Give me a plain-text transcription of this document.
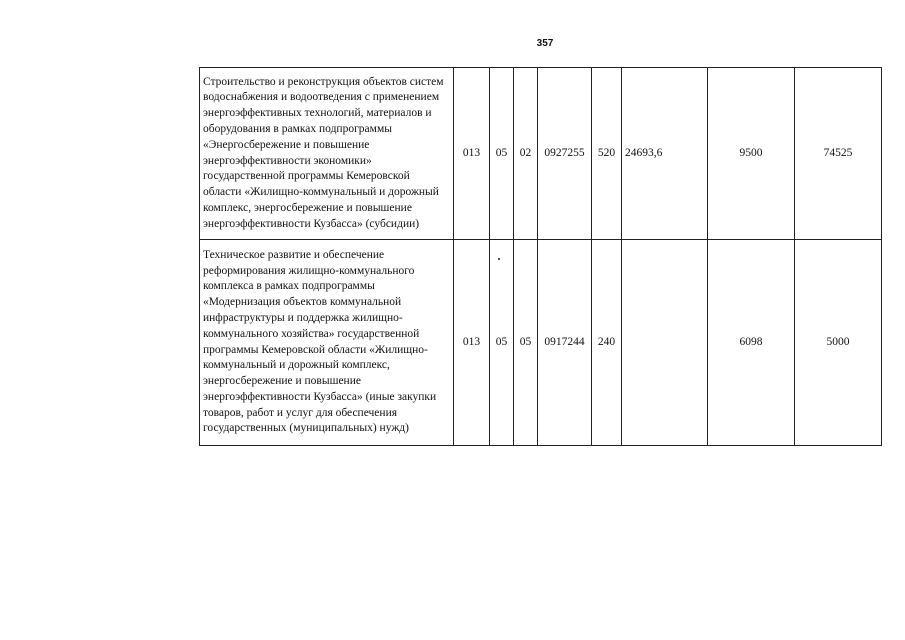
357
Строительство и реконструкция объектов систем водоснабжения и водоотведения с применением энергоэффективных технологий, материалов и оборудования в рамках подпрограммы «Энергосбережение и повышение энергоэффективности экономики» государственной программы Кемеровской области «Жилищно-коммунальный и дорожный комплекс, энергосбережение и повышение энергоэффективности Кузбасса» (субсидии)	013	05	02	0927255	520	24693,6	9500	74525
Техническое развитие и обеспечение реформирования жилищно-коммунального комплекса в рамках подпрограммы «Модернизация объектов коммунальной инфраструктуры и поддержка жилищно-коммунального хозяйства» государственной программы Кемеровской области «Жилищно-коммунальный и дорожный комплекс, энергосбережение и повышение энергоэффективности Кузбасса» (иные закупки товаров, работ и услуг для обеспечения государственных (муниципальных) нужд)	013	05	05	0917244	240		6098	5000
